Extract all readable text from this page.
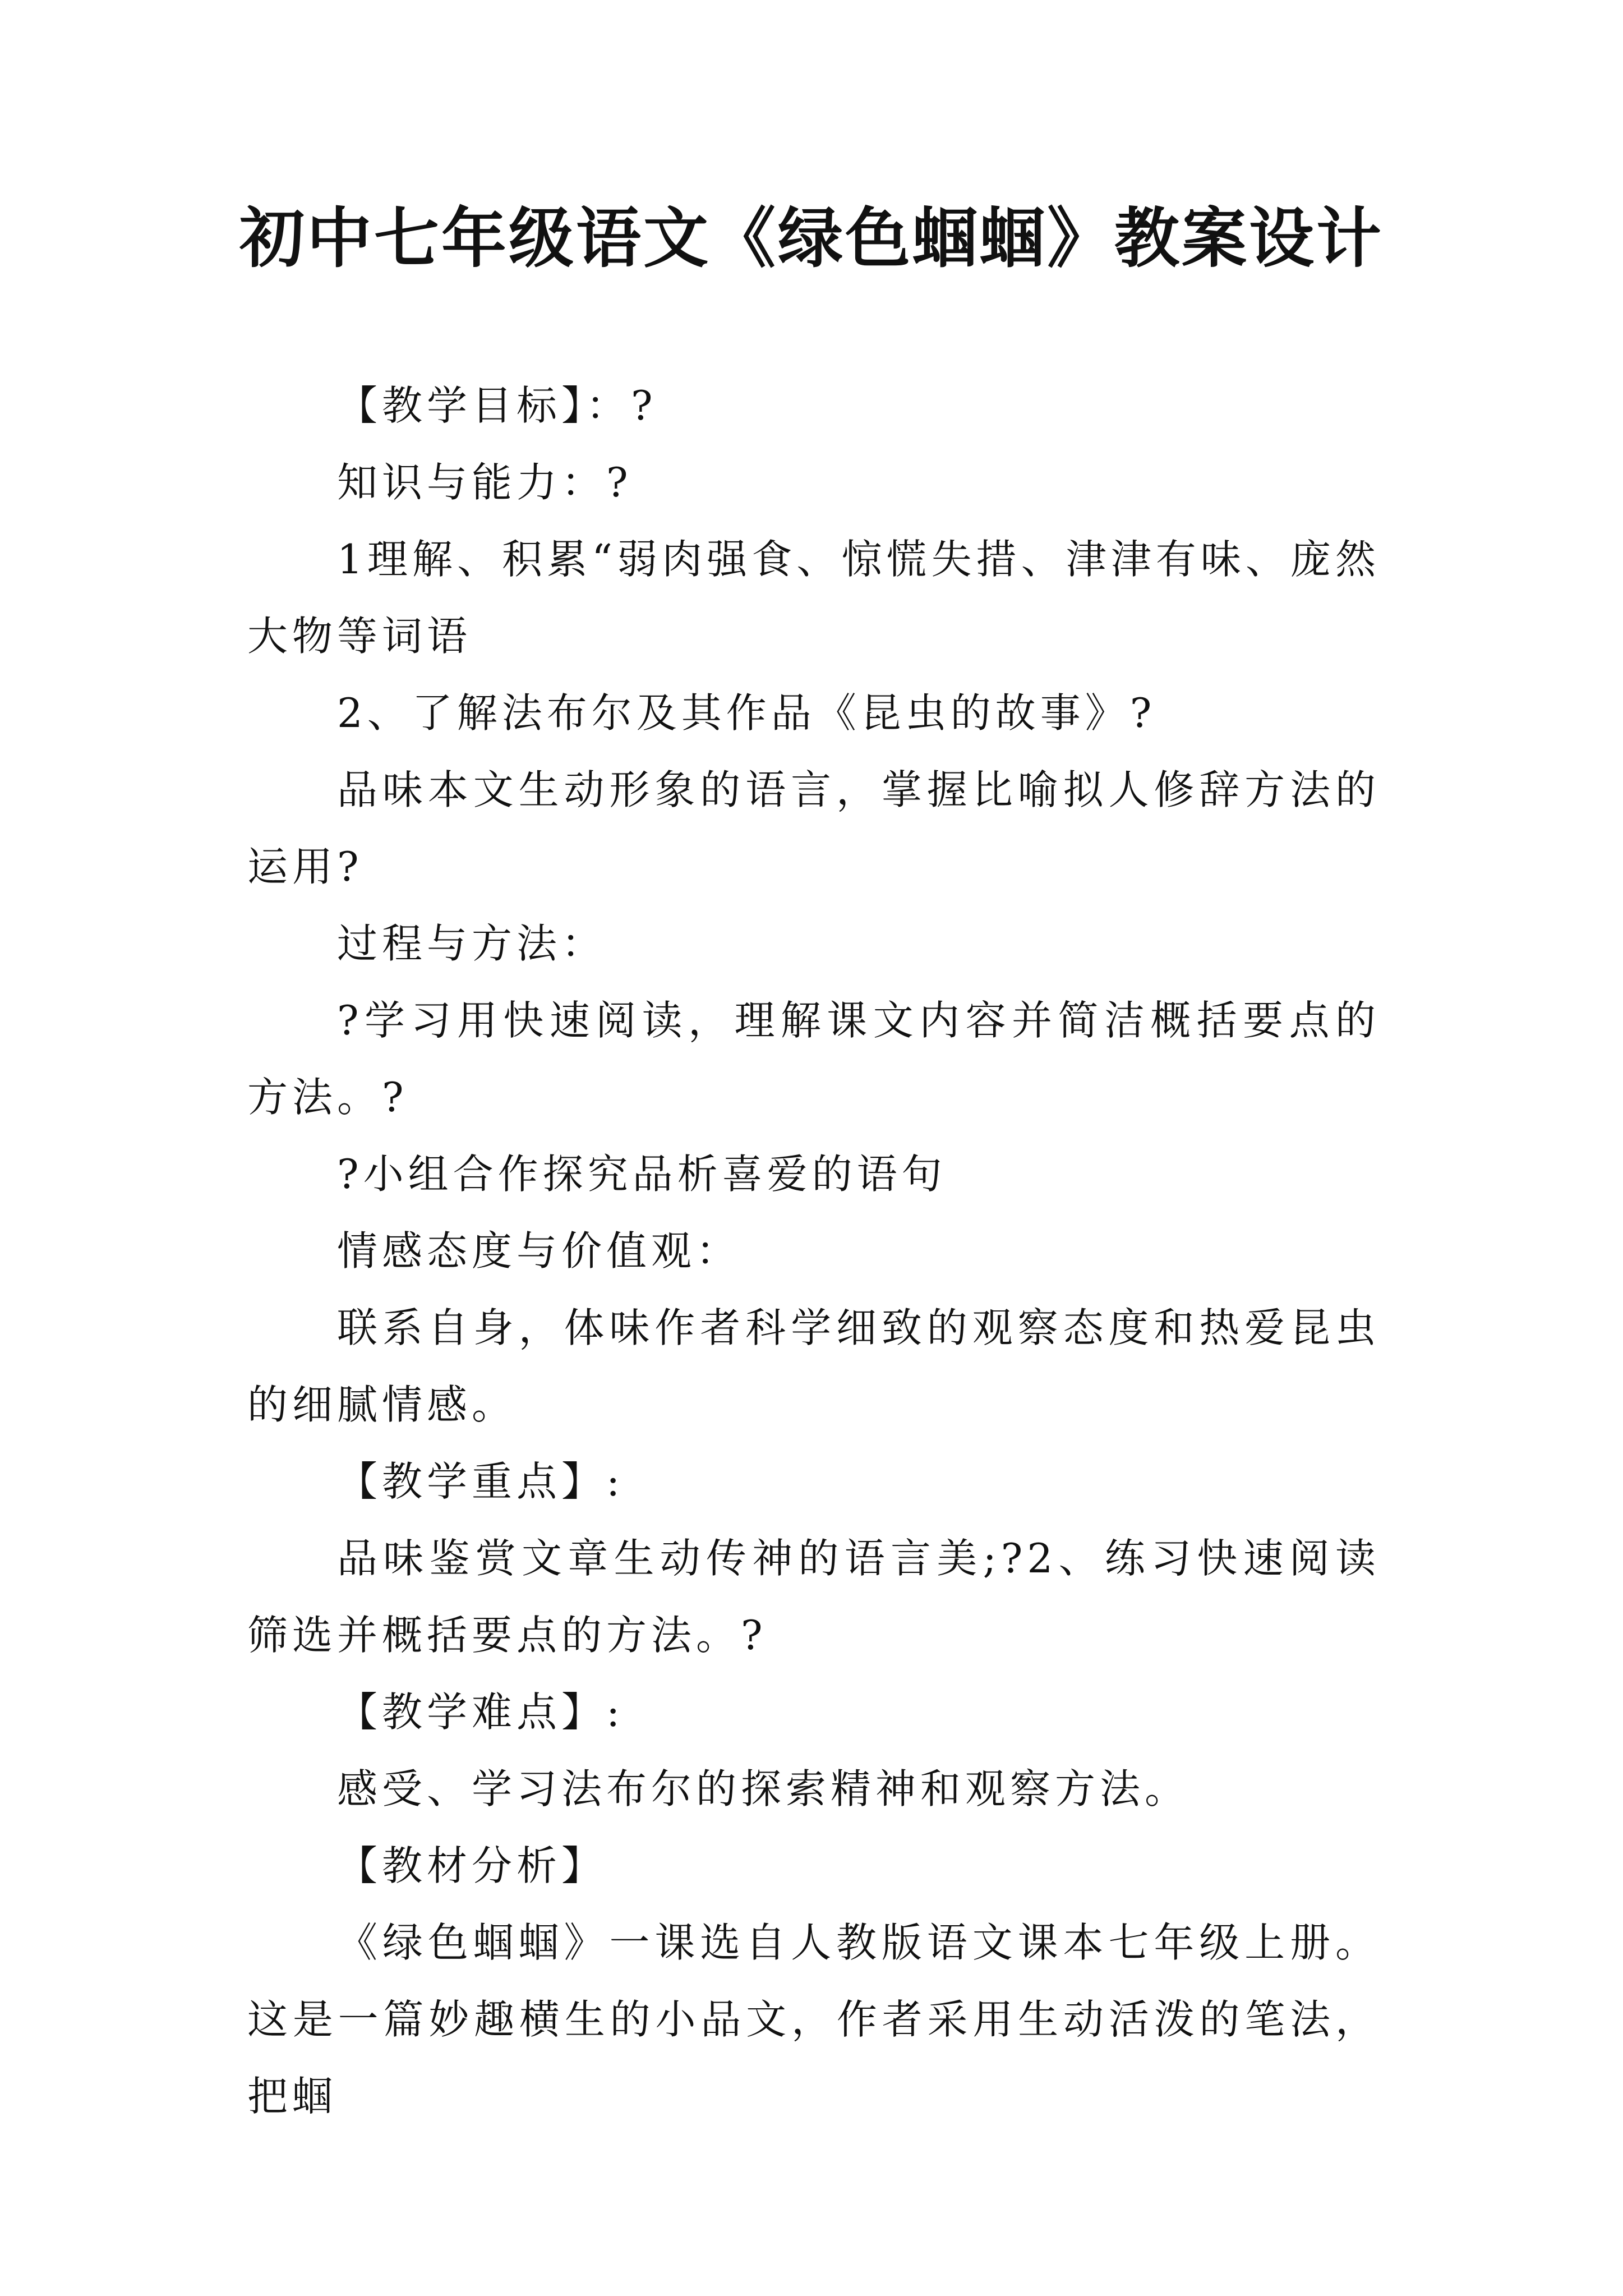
初中七年级语文《绿色蝈蝈》教案设计

【教学目标】：?

知识与能力：?

1理解、积累“弱肉强食、惊慌失措、津津有味、庞然大物等词语

2、了解法布尔及其作品《昆虫的故事》?

品味本文生动形象的语言，掌握比喻拟人修辞方法的运用?

过程与方法：

?学习用快速阅读，理解课文内容并简洁概括要点的方法。?

?小组合作探究品析喜爱的语句

情感态度与价值观：

联系自身，体味作者科学细致的观察态度和热爱昆虫的细腻情感。

【教学重点】:

品味鉴赏文章生动传神的语言美;?2、练习快速阅读筛选并概括要点的方法。?

【教学难点】:

感受、学习法布尔的探索精神和观察方法。

【教材分析】

《绿色蝈蝈》一课选自人教版语文课本七年级上册。这是一篇妙趣横生的小品文，作者采用生动活泼的笔法，把蝈
